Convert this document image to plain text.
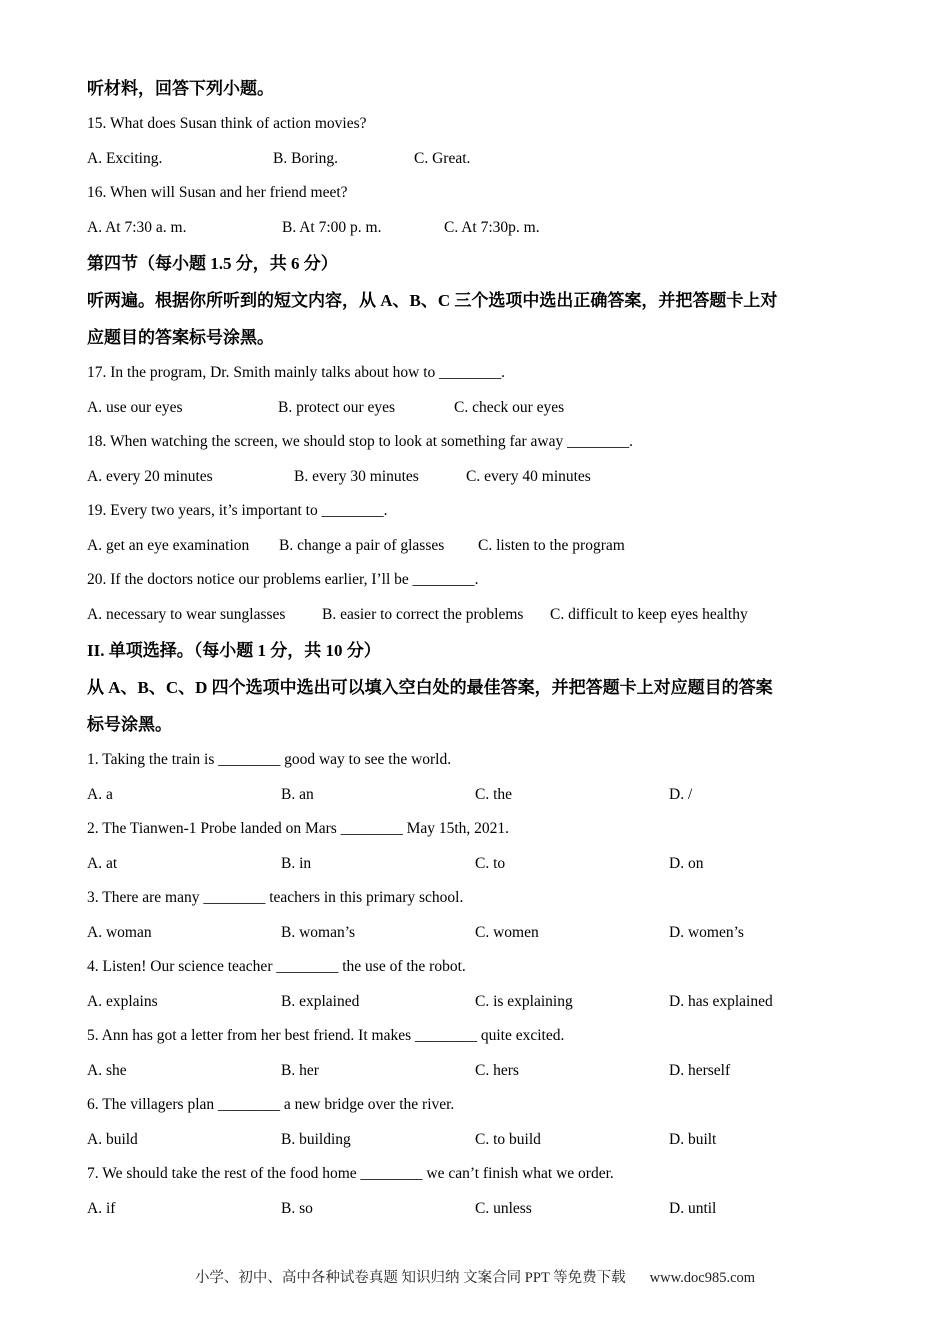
听材料，回答下列小题。
15. What does Susan think of action movies?
A. Exciting.	B. Boring.	C. Great.
16. When will Susan and her friend meet?
A. At 7:30 a. m.	B. At 7:00 p. m.	C. At 7:30p. m.
第四节（每小题 1.5 分，共 6 分）
听两遍。根据你所听到的短文内容，从 A、B、C 三个选项中选出正确答案，并把答题卡上对
应题目的答案标号涂黑。
17. In the program, Dr. Smith mainly talks about how to ________.
A. use our eyes	B. protect our eyes	C. check our eyes
18. When watching the screen, we should stop to look at something far away ________.
A. every 20 minutes	B. every 30 minutes	C. every 40 minutes
19. Every two years, it’s important to ________.
A. get an eye examination	B. change a pair of glasses	C. listen to the program
20. If the doctors notice our problems earlier, I’ll be ________.
A. necessary to wear sunglasses	B. easier to correct the problems	C. difficult to keep eyes healthy
II. 单项选择。（每小题 1 分，共 10 分）
从 A、B、C、D 四个选项中选出可以填入空白处的最佳答案，并把答题卡上对应题目的答案
标号涂黑。
1. Taking the train is ________ good way to see the world.
A. a	B. an	C. the	D. /
2. The Tianwen-1 Probe landed on Mars ________ May 15th, 2021.
A. at	B. in	C. to	D. on
3. There are many ________ teachers in this primary school.
A. woman	B. woman’s	C. women	D. women’s
4. Listen! Our science teacher ________ the use of the robot.
A. explains	B. explained	C. is explaining	D. has explained
5. Ann has got a letter from her best friend. It makes ________ quite excited.
A. she	B. her	C. hers	D. herself
6. The villagers plan ________ a new bridge over the river.
A. build	B. building	C. to build	D. built
7. We should take the rest of the food home ________ we can’t finish what we order.
A. if	B. so	C. unless	D. until
小学、初中、高中各种试卷真题 知识归纳 文案合同 PPT 等免费下载 www.doc985.com
